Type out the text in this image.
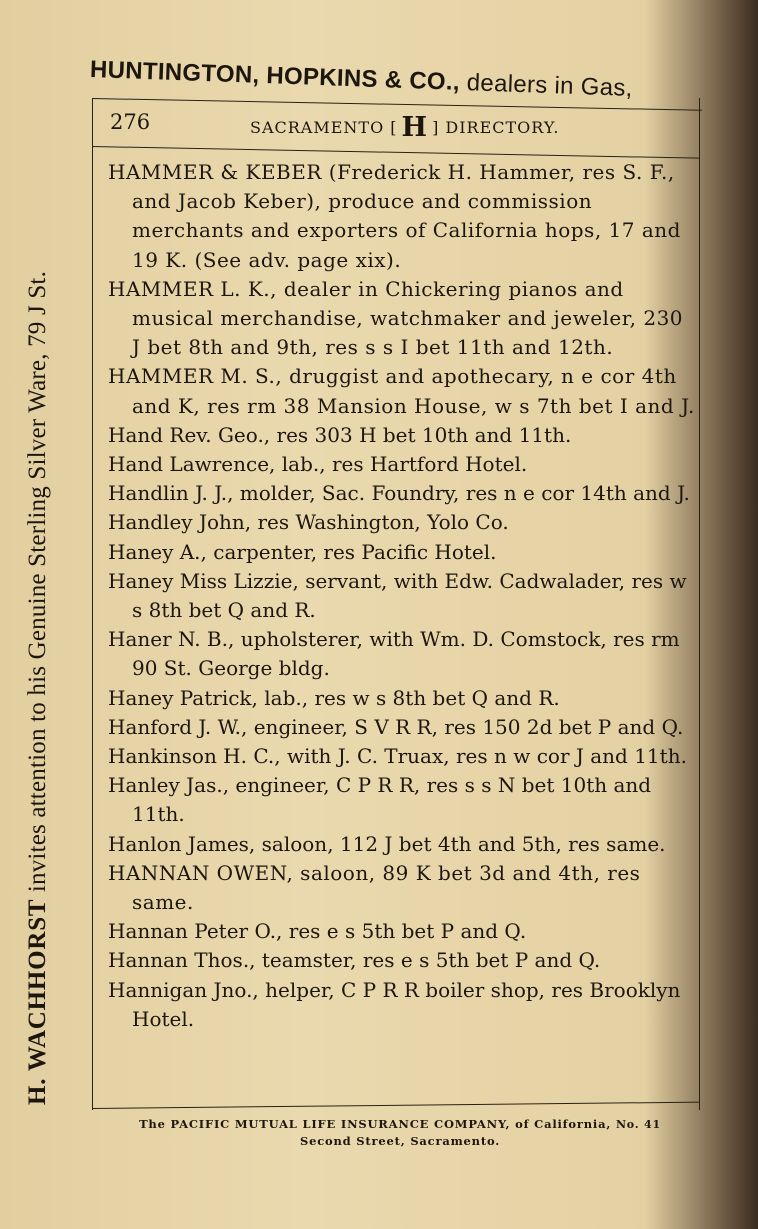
HUNTINGTON, HOPKINS & CO., dealers in Gas,
H. WACHHORST invites attention to his Genuine Sterling Silver Ware, 79 J St.
276	SACRAMENTO [ H ] DIRECTORY.

HAMMER & KEBER (Frederick H. Hammer, res S. F., and Jacob Keber), produce and commission merchants and exporters of California hops, 17 and 19 K. (See adv. page xix).

HAMMER L. K., dealer in Chickering pianos and musical merchandise, watchmaker and jeweler, 230 J bet 8th and 9th, res s s I bet 11th and 12th.

HAMMER M. S., druggist and apothecary, n e cor 4th and K, res rm 38 Mansion House, w s 7th bet I and J.

Hand Rev. Geo., res 303 H bet 10th and 11th.

Hand Lawrence, lab., res Hartford Hotel.

Handlin J. J., molder, Sac. Foundry, res n e cor 14th and J.

Handley John, res Washington, Yolo Co.

Haney A., carpenter, res Pacific Hotel.

Haney Miss Lizzie, servant, with Edw. Cadwalader, res w s 8th bet Q and R.

Haner N. B., upholsterer, with Wm. D. Comstock, res rm 90 St. George bldg.

Haney Patrick, lab., res w s 8th bet Q and R.

Hanford J. W., engineer, S V R R, res 150 2d bet P and Q.

Hankinson H. C., with J. C. Truax, res n w cor J and 11th.

Hanley Jas., engineer, C P R R, res s s N bet 10th and 11th.

Hanlon James, saloon, 112 J bet 4th and 5th, res same.

HANNAN OWEN, saloon, 89 K bet 3d and 4th, res same.

Hannan Peter O., res e s 5th bet P and Q.

Hannan Thos., teamster, res e s 5th bet P and Q.

Hannigan Jno., helper, C P R R boiler shop, res Brooklyn Hotel.

The PACIFIC MUTUAL LIFE INSURANCE COMPANY, of California, No. 41
Second Street, Sacramento.
